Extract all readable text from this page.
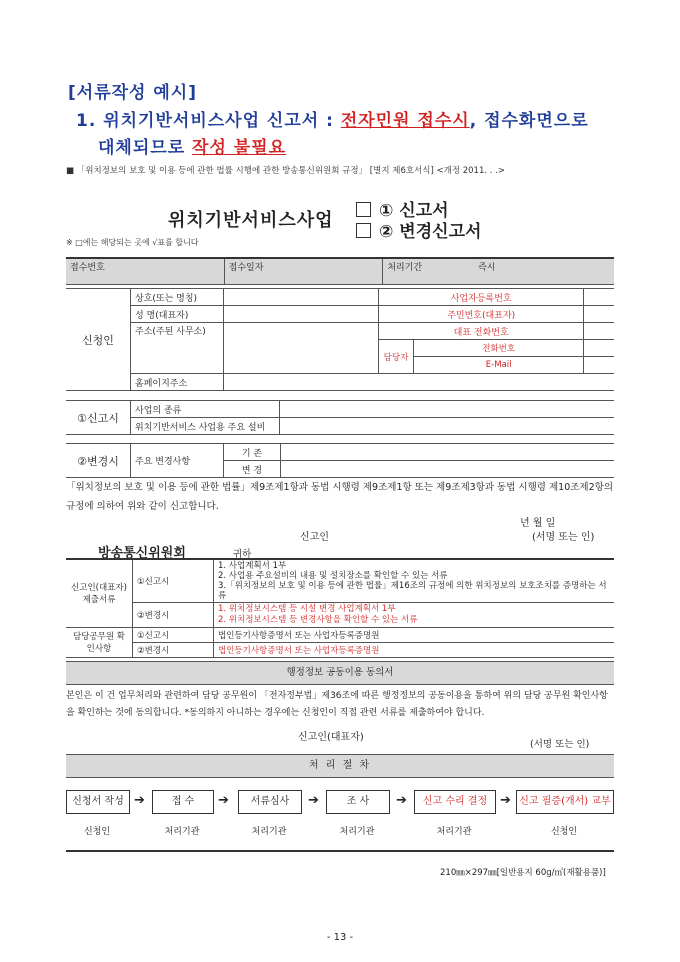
[서류작성 예시]
1. 위치기반서비스사업 신고서 : 전자민원 접수시, 접수화면으로
대체되므로 작성 불필요
■ 「위치정보의 보호 및 이용 등에 관한 법률 시행에 관한 방송통신위원회 규정」 [별지 제6호서식] <개정 2011. . .>
위치기반서비스사업	① 신고서
② 변경신고서
※ □에는 해당되는 곳에 √표를 합니다
접수번호	접수일자	처리기간	즉시
신청인	상호(또는 명칭)		사업자등록번호		
	성 명(대표자)		주민번호(대표자)		
	주소(주된 사무소)		대표 전화번호		
			담당자	전화번호	
				E-Mail	
	홈페이지주소				
①신고시	사업의 종류	
	위치기반서비스 사업용 주요 설비	
②변경시	주요 변경사항	기 존	
		변 경	
「위치정보의 보호 및 이용 등에 관한 법률」제9조제1항과 동법 시행령 제9조제1항 또는 제9조제3항과 동법 시행령 제10조제2항의 규정에 의하여 위와 같이 신고합니다.
년 월 일
신고인	(서명 또는 인)
방송통신위원회	귀하
신고인(대표자) 제출서류	①신고시	1. 사업계획서 1부
2. 사업용 주요설비의 내용 및 설치장소를 확인할 수 있는 서류
3.「위치정보의 보호 및 이용 등에 관한 법률」제16조의 규정에 의한 위치정보의 보호조치를 증명하는 서류

	②변경시	1. 위치정보시스템 등 시설 변경 사업계획서 1부
2. 위치정보시스템 등 변경사항을 확인할 수 있는 서류

담당공무원 확인사항	①신고시	법인등기사항증명서 또는 사업자등록증명원
	②변경시	법인등기사항증명서 또는 사업자등록증명원
행정정보 공동이용 동의서
본인은 이 건 업무처리와 관련하여 담당 공무원이 「전자정부법」제36조에 따른 행정정보의 공동이용을 통하여 위의 담당 공무원 확인사항을 확인하는 것에 동의합니다. *동의하지 아니하는 경우에는 신청인이 직접 관련 서류를 제출하여야 합니다.
신고인(대표자)
(서명 또는 인)
처 리 절 차
신청서 작성 ➔	접 수	➔	서류심사	➔	조 사	➔	신고 수리 결정 ➔ 신고 필증(개서) 교부
신청인	처리기관	처리기관	처리기관	처리기관	신청인
210㎜×297㎜[일반용지 60g/㎡(재활용품)]
- 13 -
